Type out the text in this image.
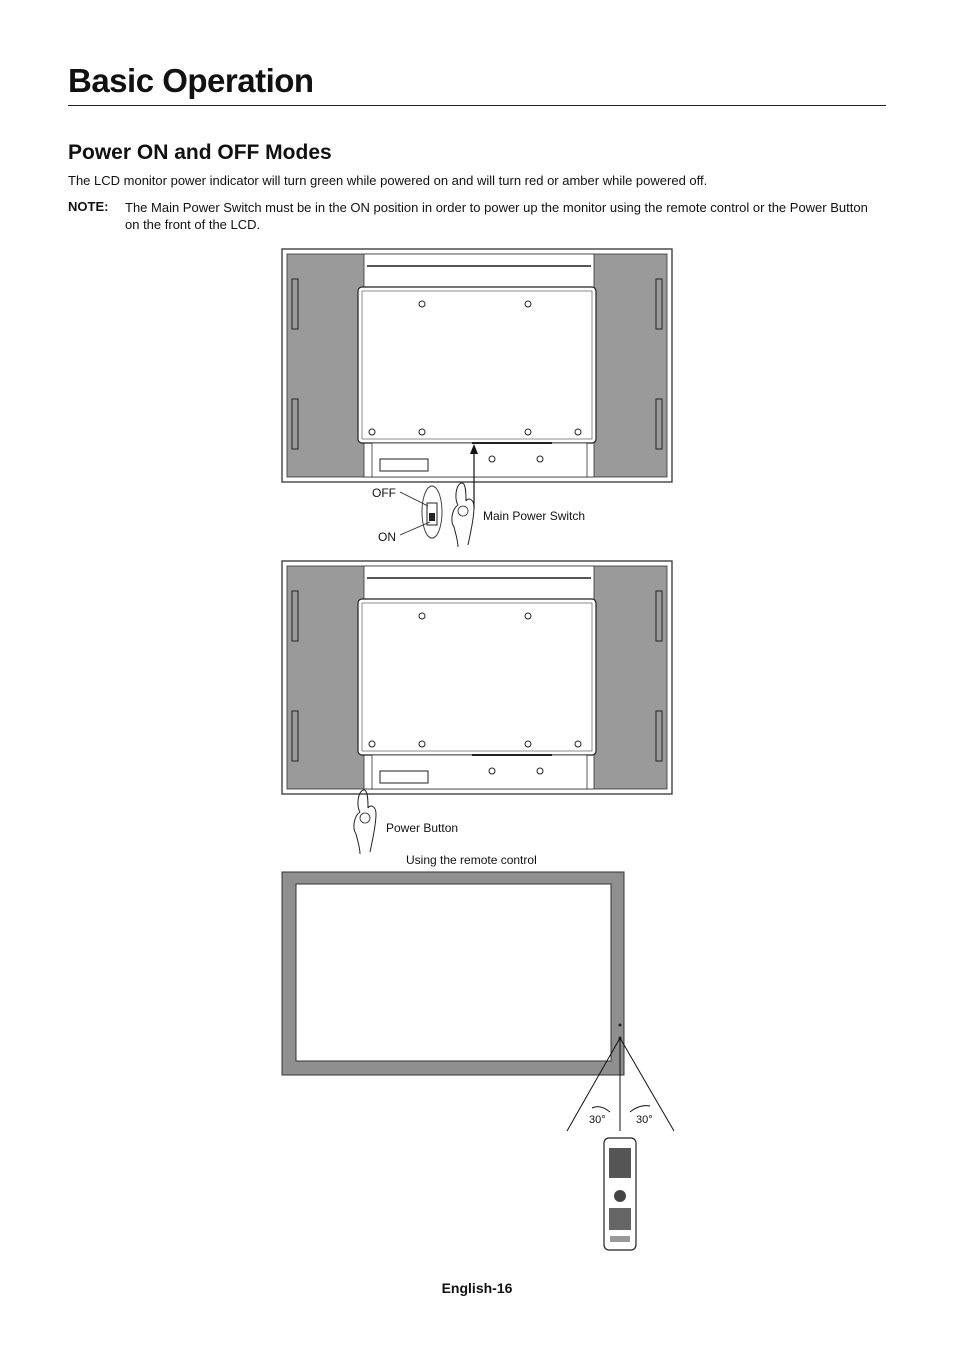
Basic Operation
Power ON and OFF Modes
The LCD monitor power indicator will turn green while powered on and will turn red or amber while powered off.
NOTE: The Main Power Switch must be in the ON position in order to power up the monitor using the remote control or the Power Button on the front of the LCD.
OFF
ON
Main Power Switch
Power Button
Using the remote control
30°	30°
English-16
